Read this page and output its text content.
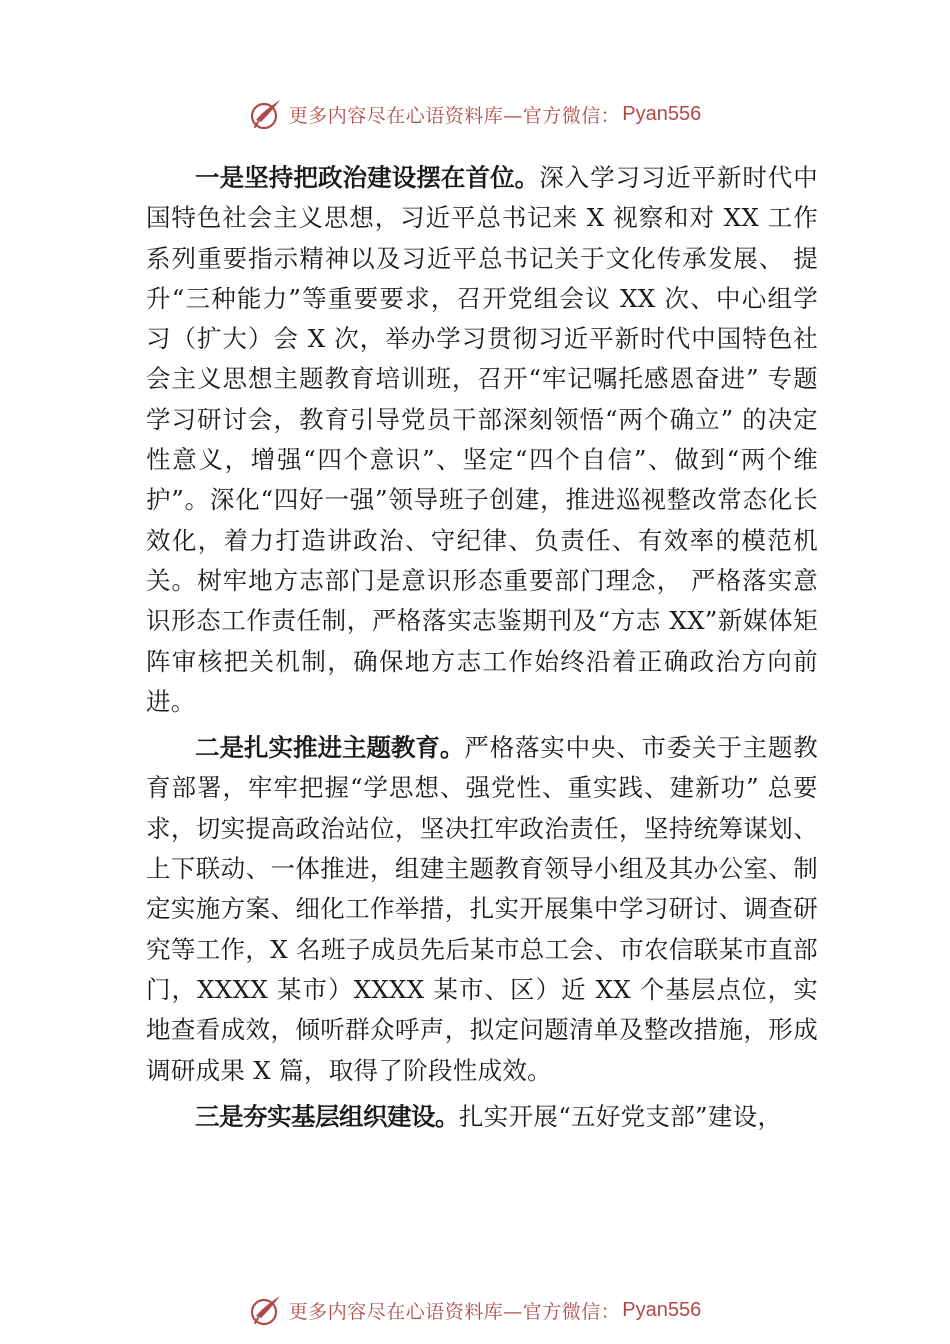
更多内容尽在心语资料库—官方微信： Pyan556

一是坚持把政治建设摆在首位。深入学习习近平新时代中国特色社会主义思想，习近平总书记来 X 视察和对 XX 工作系列重要指示精神以及习近平总书记关于文化传承发展、 提升“三种能力”等重要要求，召开党组会议 XX 次、中心组学习（扩大）会 X 次，举办学习贯彻习近平新时代中国特色社会主义思想主题教育培训班，召开“牢记嘱托感恩奋进” 专题学习研讨会，教育引导党员干部深刻领悟“两个确立” 的决定性意义，增强“四个意识”、坚定“四个自信”、做到“两个维护”。深化“四好一强”领导班子创建，推进巡视整改常态化长效化，着力打造讲政治、守纪律、负责任、有效率的模范机关。树牢地方志部门是意识形态重要部门理念， 严格落实意识形态工作责任制，严格落实志鉴期刊及“方志 XX”新媒体矩阵审核把关机制，确保地方志工作始终沿着正确政治方向前进。

二是扎实推进主题教育。严格落实中央、市委关于主题教育部署，牢牢把握“学思想、强党性、重实践、建新功” 总要求，切实提高政治站位，坚决扛牢政治责任，坚持统筹谋划、上下联动、一体推进，组建主题教育领导小组及其办公室、制定实施方案、细化工作举措，扎实开展集中学习研讨、调查研究等工作，X 名班子成员先后某市总工会、市农信联某市直部门，XXXX 某市）XXXX 某市、区）近 XX 个基层点位，实地查看成效，倾听群众呼声，拟定问题清单及整改措施，形成调研成果 X 篇，取得了阶段性成效。

三是夯实基层组织建设。扎实开展“五好党支部”建设，

更多内容尽在心语资料库—官方微信： Pyan556
